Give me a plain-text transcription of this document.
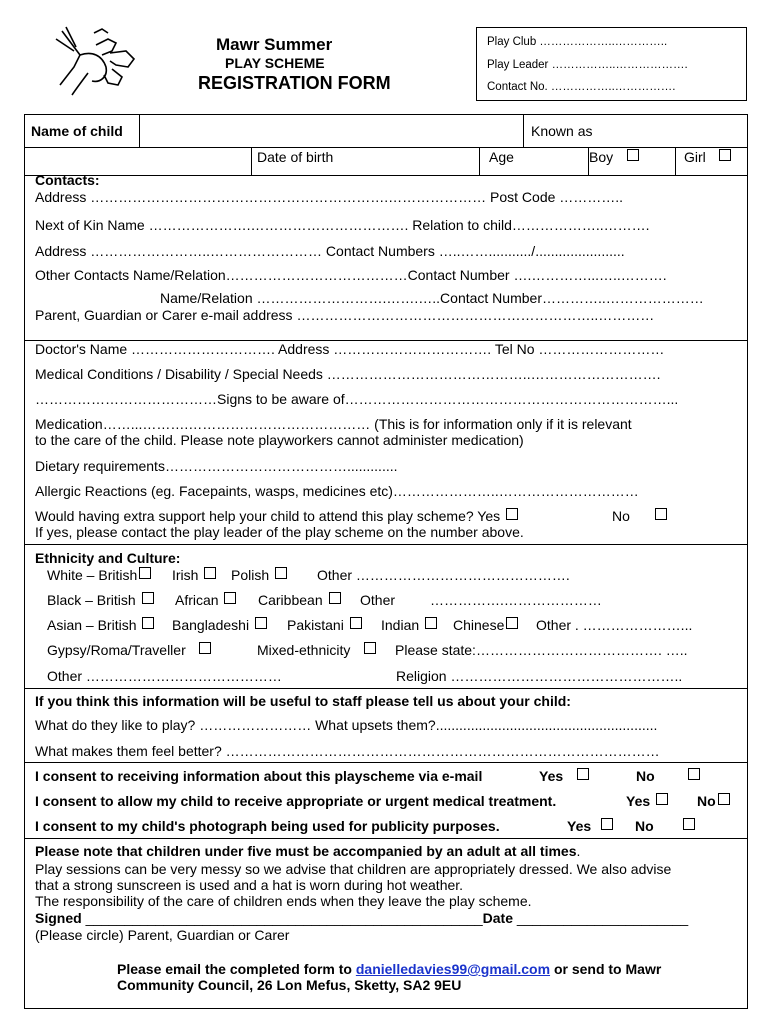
Mawr Summer
PLAY SCHEME
REGISTRATION FORM
Play Club ………………..…………..
Play Leader ……………..……………….
Contact No. ……………..…………….
Name of child	Known as
Date of birth	Age	Boy	Girl
Contacts:
Address ……………………………………………………….………………… Post Code …………..
Next of Kin Name ………………….……………………………. Relation to child………………..……….
Address ……………………..…………………… Contact Numbers …..…….........../.......................
Other Contacts Name/Relation…………………………………Contact Number ….…………...…..……….
Name/Relation ……………………….…….…..Contact Number…………..…………………
Parent, Guardian or Carer e-mail address ………………………………………………………..…………
Doctor's Name …………………………. Address ……………………………. Tel No ………………………
Medical Conditions / Disability / Special Needs ……………………………………..……………………….
…………………………………Signs to be aware of……………………………………………………………...
Medication……...……….………………………………… (This is for information only if it is relevant
to the care of the child. Please note playworkers cannot administer medication)
Dietary requirements………………………………….............
Allergic Reactions (eg. Facepaints, wasps, medicines etc)…………………..…………………………
Would having extra support help your child to attend this play scheme? Yes	No
If yes, please contact the play leader of the play scheme on the number above.
Ethnicity and Culture:
White – British	Irish	Polish	Other ……………………………………….
Black – British	African	Caribbean	Other …………….…………………
Asian – British	Bangladeshi	Pakistani	Indian	Chinese	Other . …………………...
Gypsy/Roma/Traveller	Mixed-ethnicity	Please state:…………………………………. …..
Other ……………………………………	Religion …………………………………………..
If you think this information will be useful to staff please tell us about your child:
What do they like to play? …………………… What upsets them?.........................................................
What makes them feel better? …………………………………………………………………………………
I consent to receiving information about this playscheme via e-mail	Yes	No
I consent to allow my child to receive appropriate or urgent medical treatment.	Yes	No
I consent to my child's photograph being used for publicity purposes.	Yes	No
Please note that children under five must be accompanied by an adult at all times.
Play sessions can be very messy so we advise that children are appropriately dressed. We also advise
that a strong sunscreen is used and a hat is worn during hot weather.
The responsibility of the care of children ends when they leave the play scheme.
Signed ___________________________________________________Date ______________________
(Please circle) Parent, Guardian or Carer
Please email the completed form to danielledavies99@gmail.com or send to Mawr
Community Council, 26 Lon Mefus, Sketty, SA2 9EU
